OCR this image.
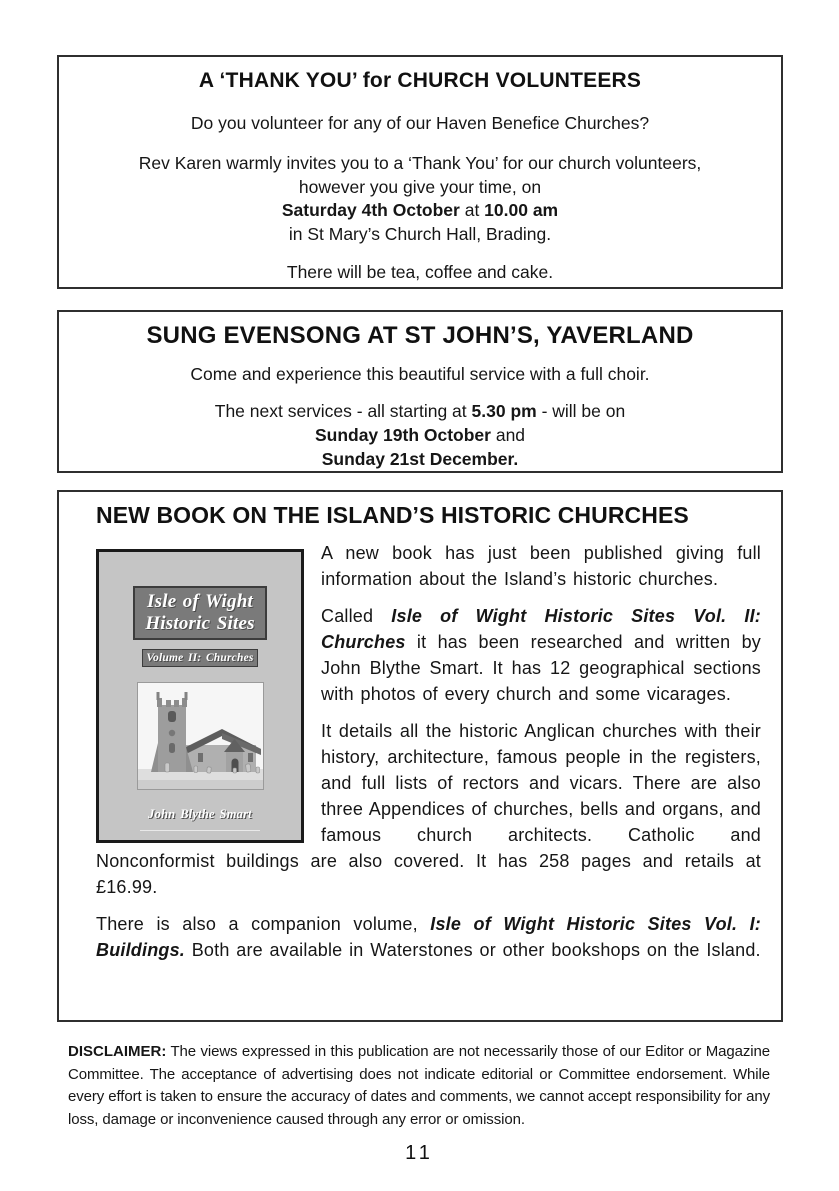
A ‘THANK YOU’ for CHURCH VOLUNTEERS
Do you volunteer for any of our Haven Benefice Churches?
Rev Karen warmly invites you to a ‘Thank You’ for our church volunteers,
however you give your time, on
Saturday 4th October at 10.00 am
in St Mary’s Church Hall, Brading.
There will be tea, coffee and cake.
SUNG EVENSONG AT ST JOHN’S, YAVERLAND
Come and experience this beautiful service with a full choir.
The next services - all starting at 5.30 pm - will be on
Sunday 19th October and
Sunday 21st December.
NEW BOOK ON THE ISLAND’S HISTORIC CHURCHES
Isle of Wight
Historic Sites
Volume II: Churches
John Blythe Smart

A new book has just been published giving full information about the Island’s historic churches.

Called Isle of Wight Historic Sites Vol. II: Churches it has been researched and written by John Blythe Smart. It has 12 geographical sections with photos of every church and some vicarages.

It details all the historic Anglican churches with their history, architecture, famous people in the registers, and full lists of rectors and vicars. There are also three Appendices of churches, bells and organs, and famous church architects. Catholic and Nonconformist buildings are also covered. It has 258 pages and retails at £16.99.

There is also a companion volume, Isle of Wight Historic Sites Vol. I: Buildings. Both are available in Waterstones or other bookshops on the Island.

DISCLAIMER: The views expressed in this publication are not necessarily those of our Editor or Magazine Committee. The acceptance of advertising does not indicate editorial or Committee endorsement. While every effort is taken to ensure the accuracy of dates and comments, we cannot accept responsibility for any loss, damage or inconvenience caused through any error or omission.

11
